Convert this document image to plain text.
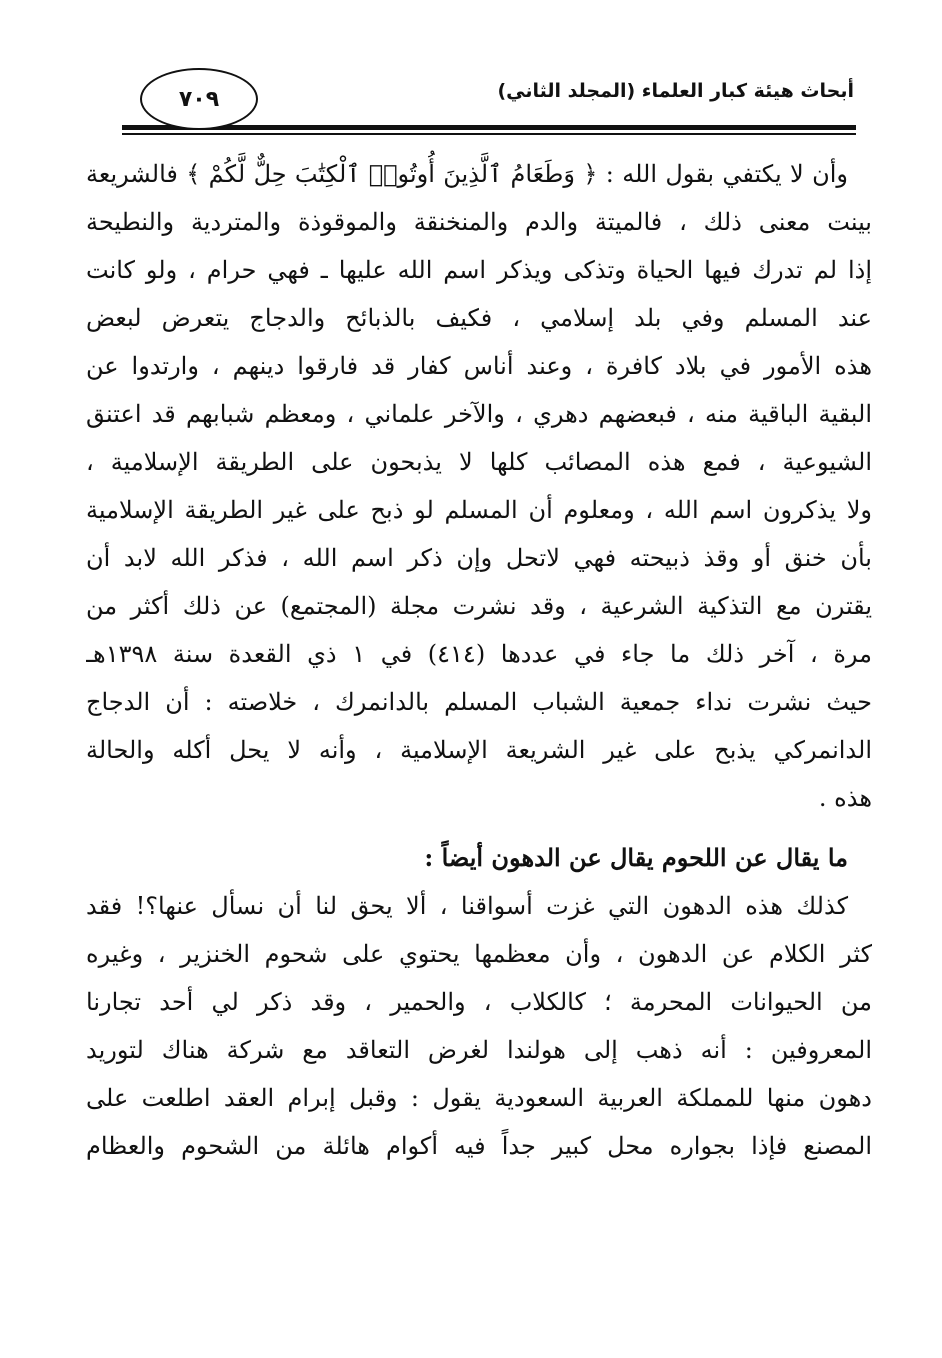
أبحاث هيئة كبار العلماء (المجلد الثاني)
٧٠٩
وأن لا يكتفي بقول الله : ﴿ وَطَعَامُ ٱلَّذِينَ أُوتُوا۟ ٱلْكِتَٰبَ حِلٌّ لَّكُمْ ﴾ فالشريعة
بينت معنى ذلك ، فالميتة والدم والمنخنقة والموقوذة والمتردية والنطيحة
إذا لم تدرك فيها الحياة وتذكى ويذكر اسم الله عليها ـ فهي حرام ، ولو كانت
عند المسلم وفي بلد إسلامي ، فكيف بالذبائح والدجاج يتعرض لبعض
هذه الأمور في بلاد كافرة ، وعند أناس كفار قد فارقوا دينهم ، وارتدوا عن
البقية الباقية منه ، فبعضهم دهري ، والآخر علماني ، ومعظم شبابهم قد اعتنق
الشيوعية ، فمع هذه المصائب كلها لا يذبحون على الطريقة الإسلامية ،
ولا يذكرون اسم الله ، ومعلوم أن المسلم لو ذبح على غير الطريقة الإسلامية
بأن خنق أو وقذ ذبيحته فهي لاتحل وإن ذكر اسم الله ، فذكر الله لابد أن
يقترن مع التذكية الشرعية ، وقد نشرت مجلة (المجتمع) عن ذلك أكثر من
مرة ، آخر ذلك ما جاء في عددها (٤١٤) في ١ ذي القعدة سنة ١٣٩٨هـ
حيث نشرت نداء جمعية الشباب المسلم بالدانمرك ، خلاصته : أن الدجاج
الدانمركي يذبح على غير الشريعة الإسلامية ، وأنه لا يحل أكله والحالة
هذه .
ما يقال عن اللحوم يقال عن الدهون أيضاً :
كذلك هذه الدهون التي غزت أسواقنا ، ألا يحق لنا أن نسأل عنها؟! فقد
كثر الكلام عن الدهون ، وأن معظمها يحتوي على شحوم الخنزير ، وغيره
من الحيوانات المحرمة ؛ كالكلاب ، والحمير ، وقد ذكر لي أحد تجارنا
المعروفين : أنه ذهب إلى هولندا لغرض التعاقد مع شركة هناك لتوريد
دهون منها للمملكة العربية السعودية يقول : وقبل إبرام العقد اطلعت على
المصنع فإذا بجواره محل كبير جداً فيه أكوام هائلة من الشحوم والعظام
